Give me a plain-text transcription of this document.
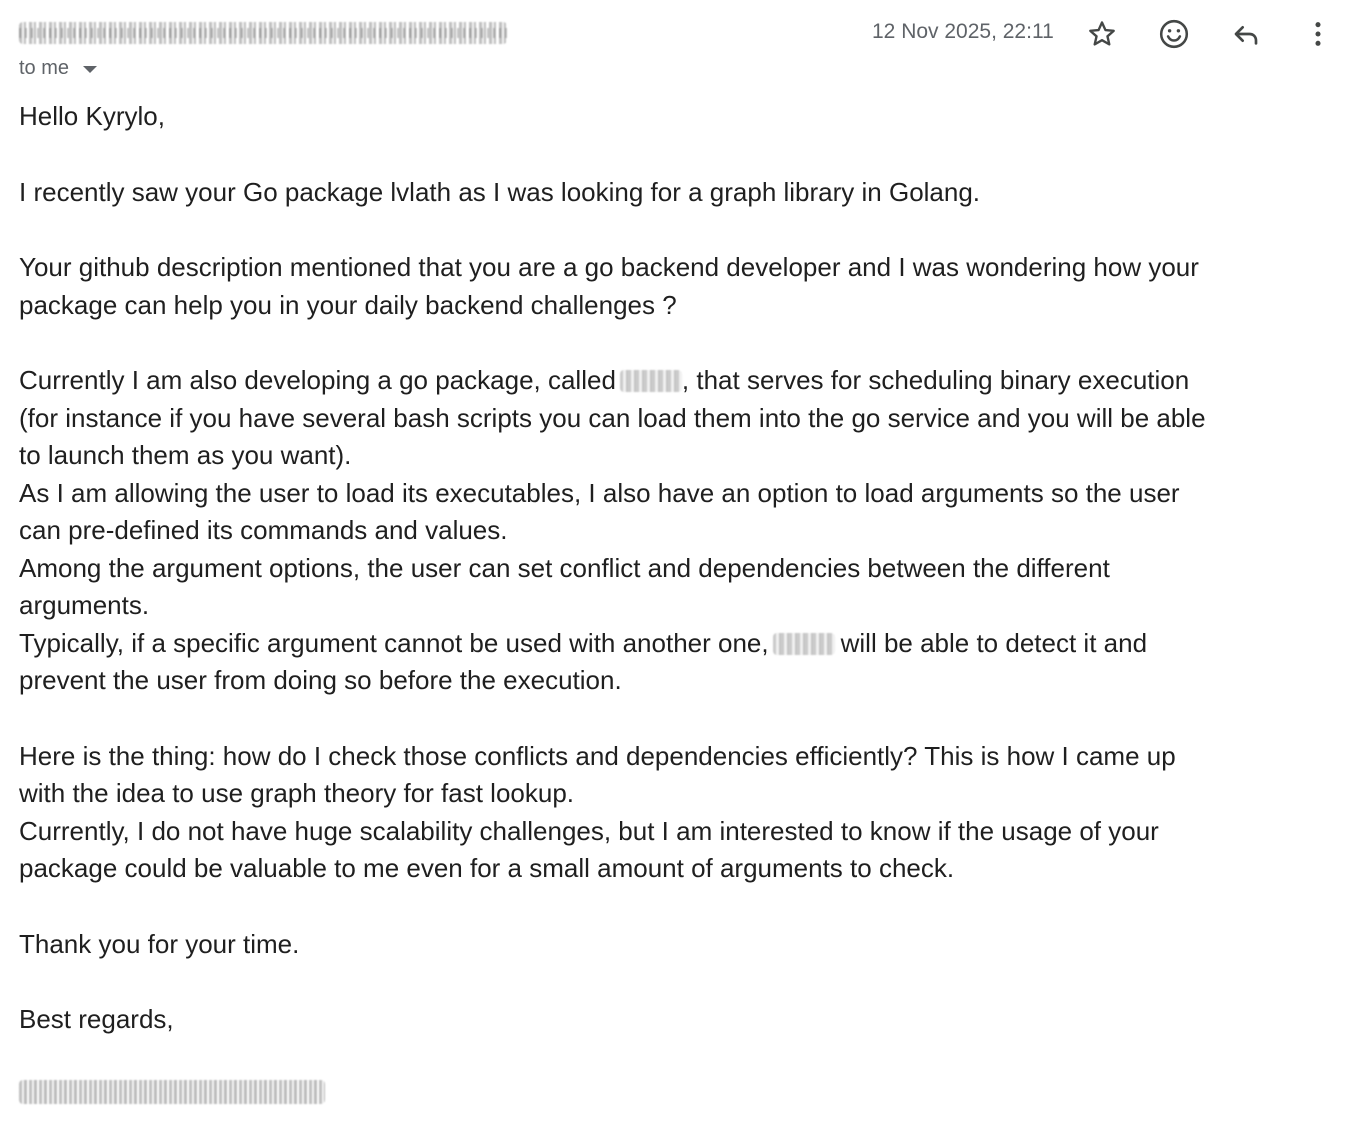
to me
12 Nov 2025, 22:11

Hello Kyrylo,

I recently saw your Go package lvlath as I was looking for a graph library in Golang.

Your github description mentioned that you are a go backend developer and I was wondering how your

package can help you in your daily backend challenges ?

Currently I am also developing a go package, called	, that serves for scheduling binary execution

(for instance if you have several bash scripts you can load them into the go service and you will be able

to launch them as you want).

As I am allowing the user to load its executables, I also have an option to load arguments so the user

can pre-defined its commands and values.

Among the argument options, the user can set conflict and dependencies between the different

arguments.

Typically, if a specific argument cannot be used with another one,	will be able to detect it and

prevent the user from doing so before the execution.

Here is the thing: how do I check those conflicts and dependencies efficiently? This is how I came up

with the idea to use graph theory for fast lookup.

Currently, I do not have huge scalability challenges, but I am interested to know if the usage of your

package could be valuable to me even for a small amount of arguments to check.

Thank you for your time.

Best regards,
